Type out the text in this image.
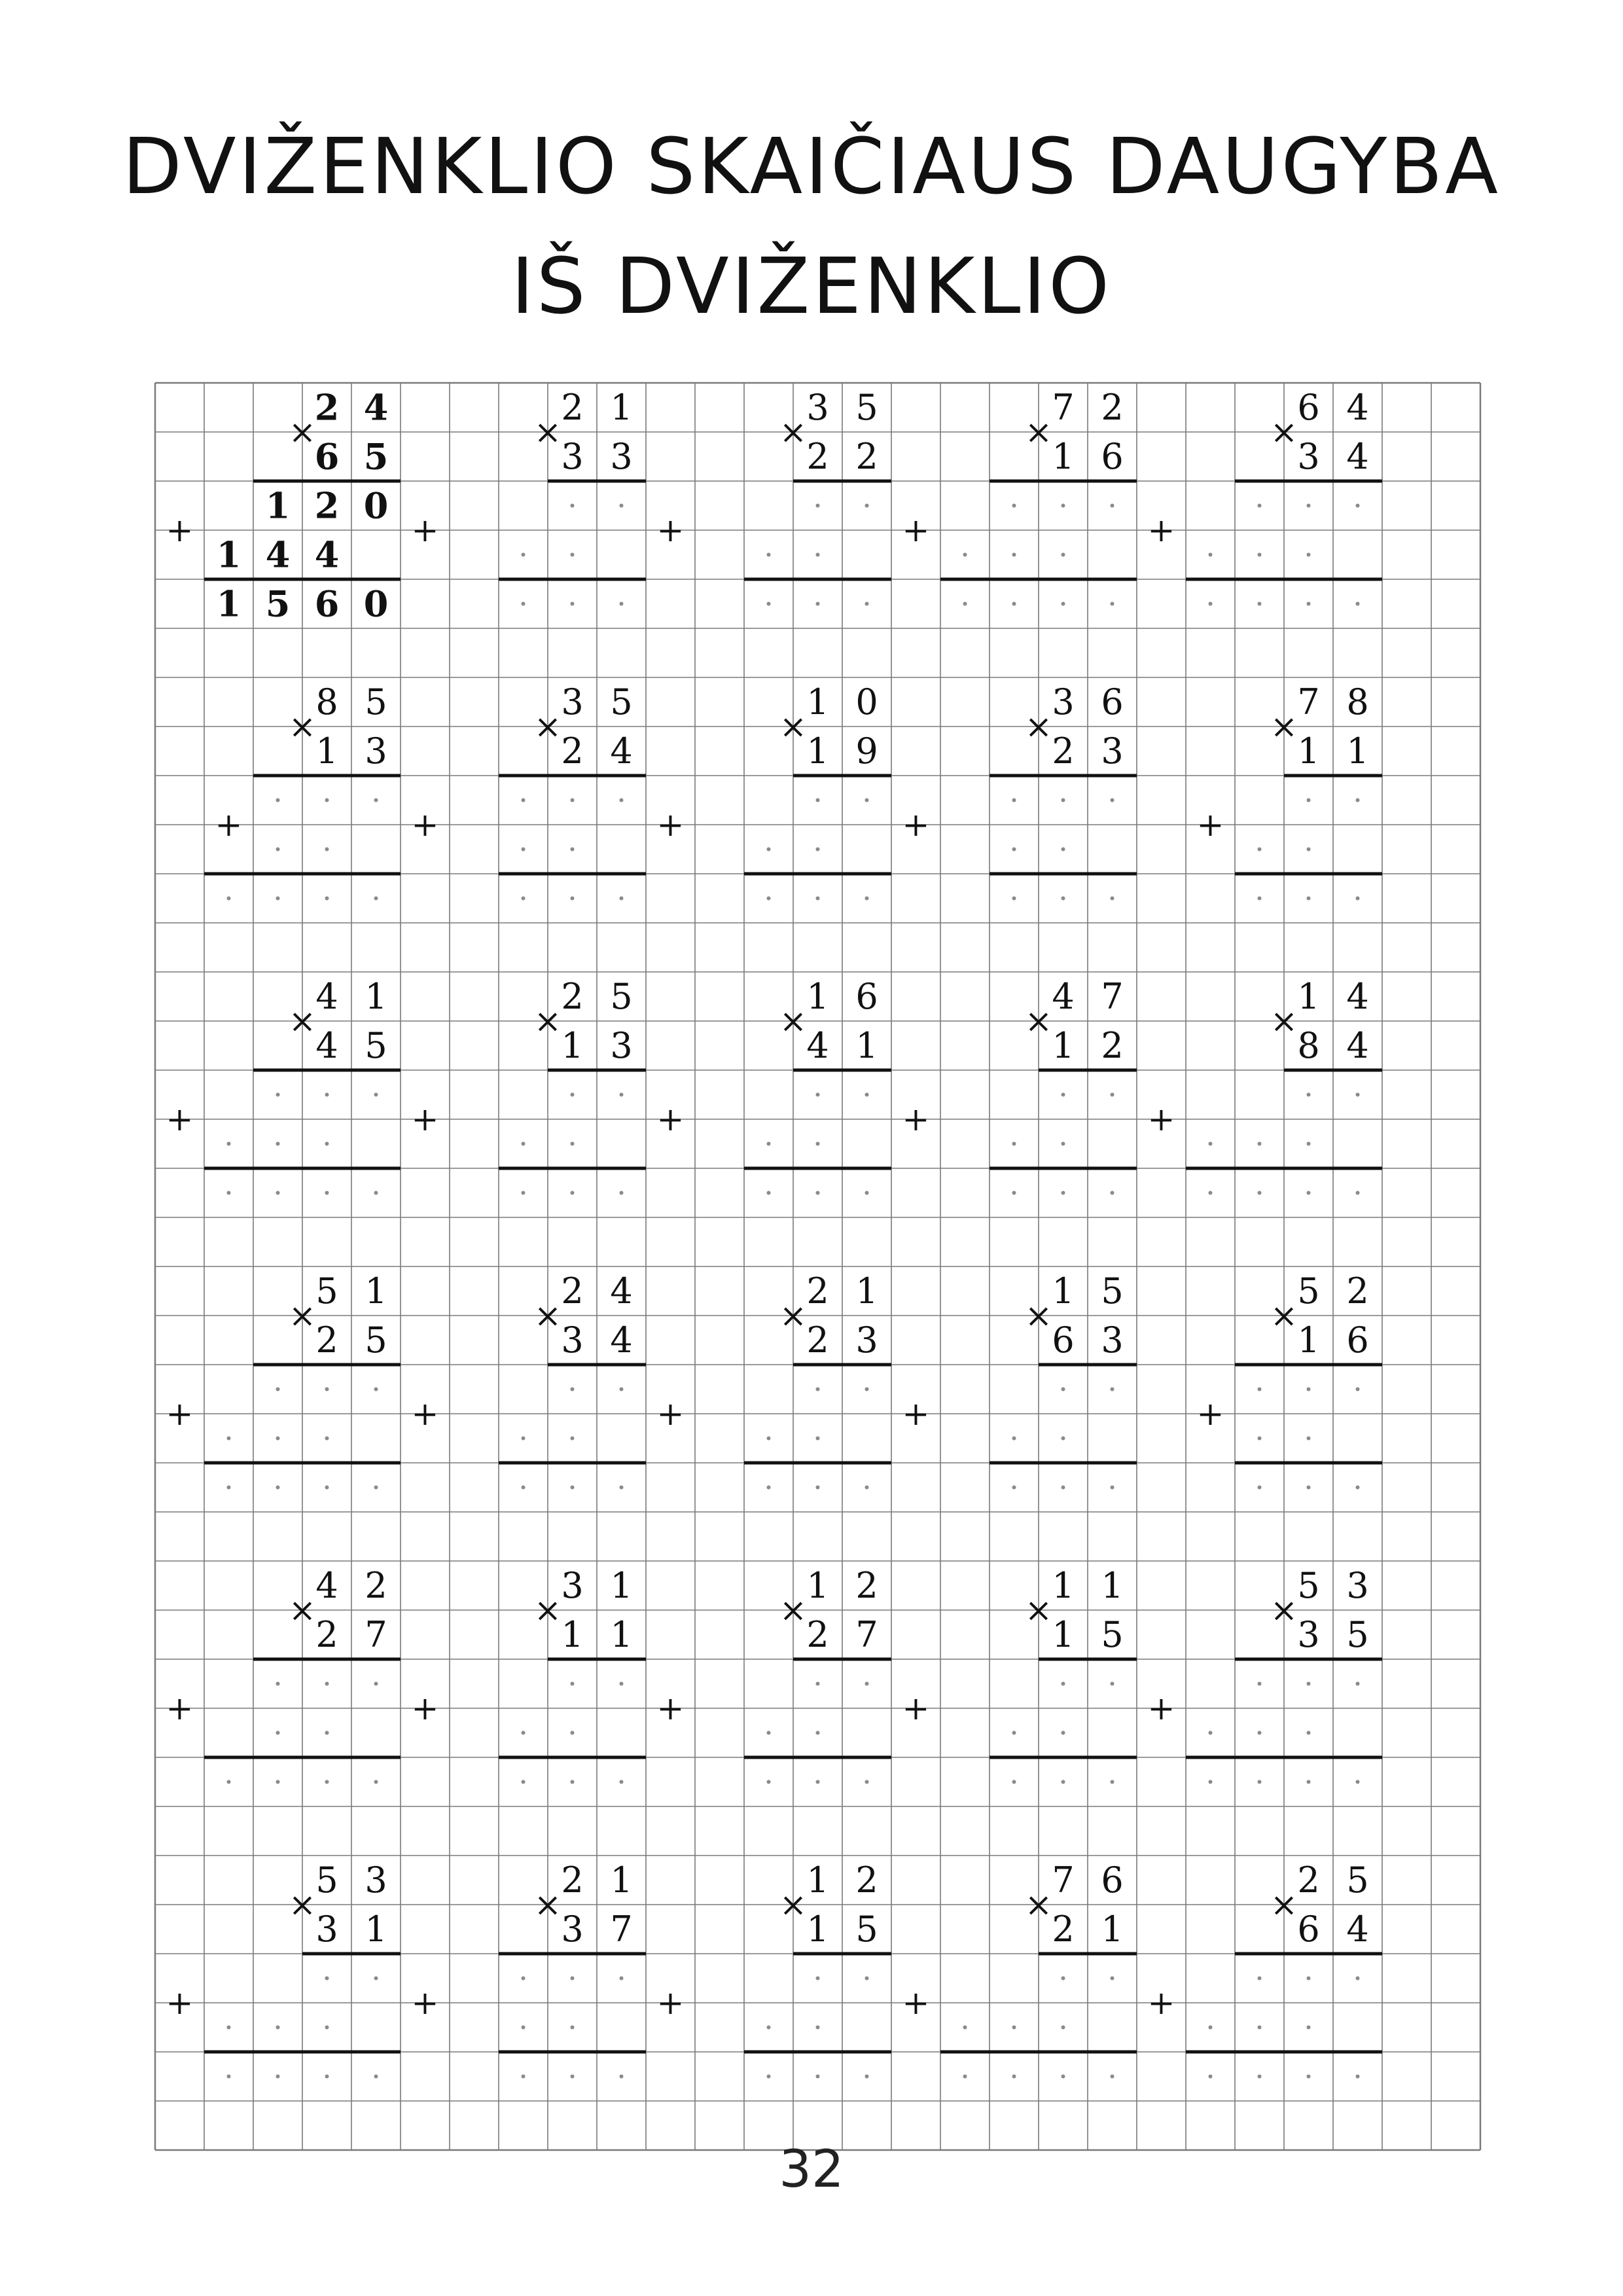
DVIŽENKLIO SKAIČIAUS DAUGYBA
IŠ DVIŽENKLIO
×
2 4
6 5
+
1 2 0
1 4 4
1 5 6 0
×
2 1
3 3
+
×
3 5
2 2
+
×
7 2
1 6
+
×
6 4
3 4
+
×
8 5
1 3
+
×
3 5
2 4
+
×
1 0
1 9
+
×
3 6
2 3
+
×
7 8
1 1
+
×
4 1
4 5
+
×
2 5
1 3
+
×
1 6
4 1
+
×
4 7
1 2
+
×
1 4
8 4
+
×
5 1
2 5
+
×
2 4
3 4
+
×
2 1
2 3
+
×
1 5
6 3
+
×
5 2
1 6
+
×
4 2
2 7
+
×
3 1
1 1
+
×
1 2
2 7
+
×
1 1
1 5
+
×
5 3
3 5
+
×
5 3
3 1
+
×
2 1
3 7
+
×
1 2
1 5
+
×
7 6
2 1
+
×
2 5
6 4
+
32
